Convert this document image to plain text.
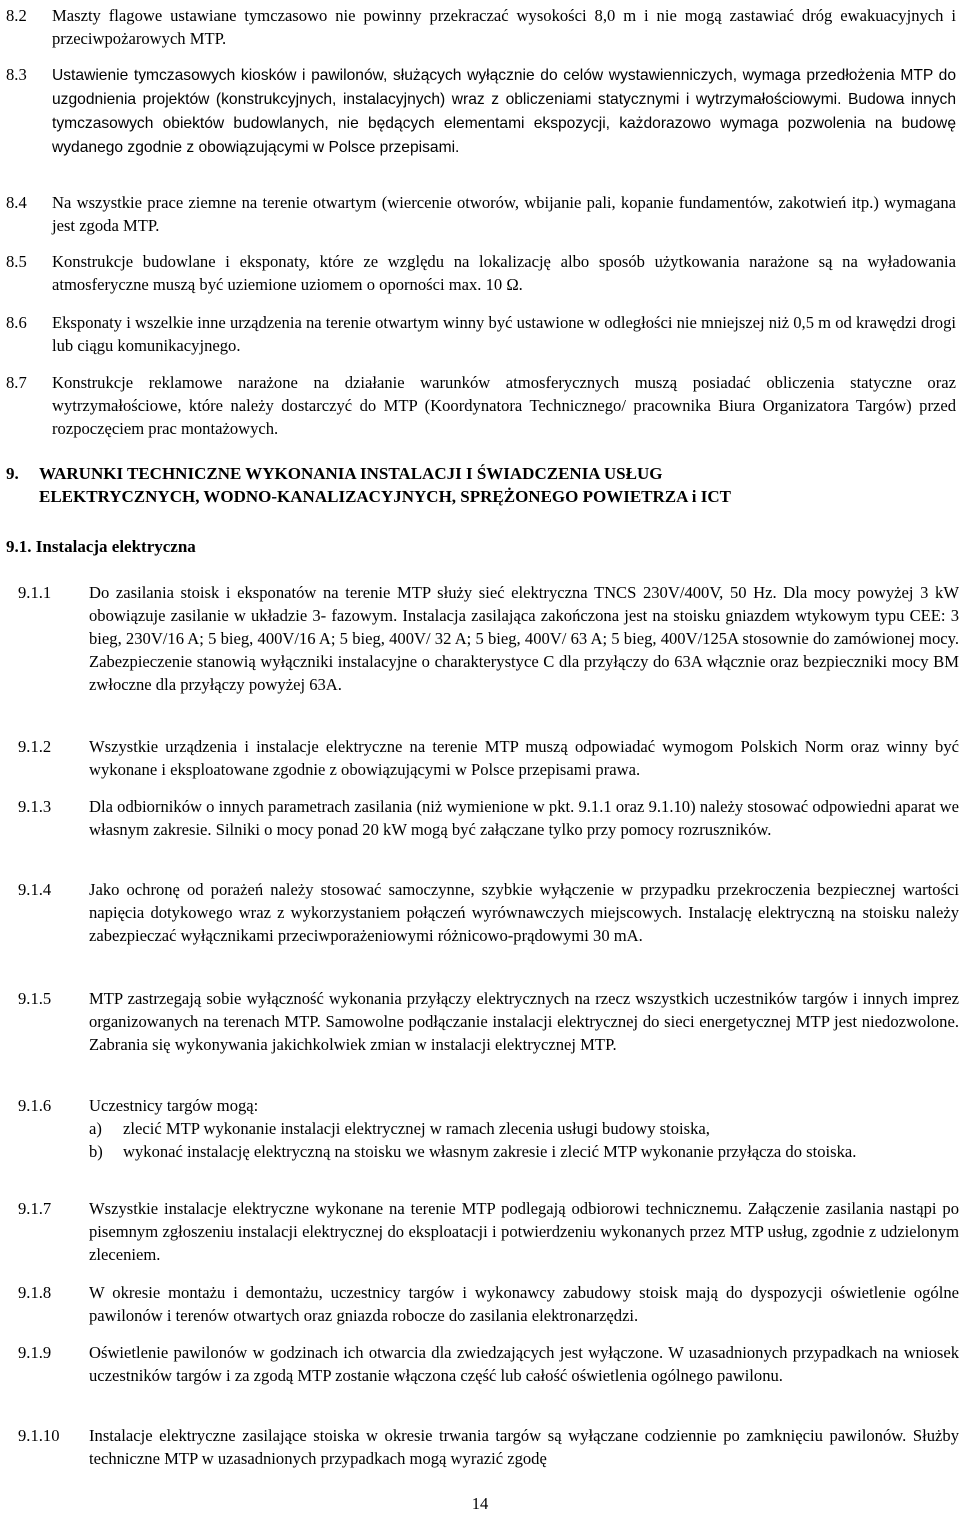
8.2 Maszty flagowe ustawiane tymczasowo nie powinny przekraczać wysokości 8,0 m i nie mogą zastawiać dróg ewakuacyjnych i przeciwpożarowych MTP.
8.3 Ustawienie tymczasowych kiosków i pawilonów, służących wyłącznie do celów wystawienniczych, wymaga przedłożenia MTP do uzgodnienia projektów (konstrukcyjnych, instalacyjnych) wraz z obliczeniami statycznymi i wytrzymałościowymi. Budowa innych tymczasowych obiektów budowlanych, nie będących elementami ekspozycji, każdorazowo wymaga pozwolenia na budowę wydanego zgodnie z obowiązującymi w Polsce przepisami.
8.4 Na wszystkie prace ziemne na terenie otwartym (wiercenie otworów, wbijanie pali, kopanie fundamentów, zakotwień itp.) wymagana jest zgoda MTP.
8.5 Konstrukcje budowlane i eksponaty, które ze względu na lokalizację albo sposób użytkowania narażone są na wyładowania atmosferyczne muszą być uziemione uziomem o oporności max. 10 Ω.
8.6 Eksponaty i wszelkie inne urządzenia na terenie otwartym winny być ustawione w odległości nie mniejszej niż 0,5 m od krawędzi drogi lub ciągu komunikacyjnego.
8.7 Konstrukcje reklamowe narażone na działanie warunków atmosferycznych muszą posiadać obliczenia statyczne oraz wytrzymałościowe, które należy dostarczyć do MTP (Koordynatora Technicznego/ pracownika Biura Organizatora Targów) przed rozpoczęciem prac montażowych.
9. WARUNKI TECHNICZNE WYKONANIA INSTALACJI I ŚWIADCZENIA USŁUG
ELEKTRYCZNYCH, WODNO-KANALIZACYJNYCH, SPRĘŻONEGO POWIETRZA i ICT
9.1. Instalacja elektryczna
9.1.1 Do zasilania stoisk i eksponatów na terenie MTP służy sieć elektryczna TNCS 230V/400V, 50 Hz. Dla mocy powyżej 3 kW obowiązuje zasilanie w układzie 3- fazowym. Instalacja zasilająca zakończona jest na stoisku gniazdem wtykowym typu CEE: 3 bieg, 230V/16 A; 5 bieg, 400V/16 A; 5 bieg, 400V/ 32 A; 5 bieg, 400V/ 63 A; 5 bieg, 400V/125A stosownie do zamówionej mocy. Zabezpieczenie stanowią wyłączniki instalacyjne o charakterystyce C dla przyłączy do 63A włącznie oraz bezpieczniki mocy BM zwłoczne dla przyłączy powyżej 63A.
9.1.2 Wszystkie urządzenia i instalacje elektryczne na terenie MTP muszą odpowiadać wymogom Polskich Norm oraz winny być wykonane i eksploatowane zgodnie z obowiązującymi w Polsce przepisami prawa.
9.1.3 Dla odbiorników o innych parametrach zasilania (niż wymienione w pkt. 9.1.1 oraz 9.1.10) należy stosować odpowiedni aparat we własnym zakresie. Silniki o mocy ponad 20 kW mogą być załączane tylko przy pomocy rozruszników.
9.1.4 Jako ochronę od porażeń należy stosować samoczynne, szybkie wyłączenie w przypadku przekroczenia bezpiecznej wartości napięcia dotykowego wraz z wykorzystaniem połączeń wyrównawczych miejscowych. Instalację elektryczną na stoisku należy zabezpieczać wyłącznikami przeciwporażeniowymi różnicowo-prądowymi 30 mA.
9.1.5 MTP zastrzegają sobie wyłączność wykonania przyłączy elektrycznych na rzecz wszystkich uczestników targów i innych imprez organizowanych na terenach MTP. Samowolne podłączanie instalacji elektrycznej do sieci energetycznej MTP jest niedozwolone. Zabrania się wykonywania jakichkolwiek zmian w instalacji elektrycznej MTP.
9.1.6 Uczestnicy targów mogą:
a) zlecić MTP wykonanie instalacji elektrycznej w ramach zlecenia usługi budowy stoiska,
b) wykonać instalację elektryczną na stoisku we własnym zakresie i zlecić MTP wykonanie przyłącza do stoiska.
9.1.7 Wszystkie instalacje elektryczne wykonane na terenie MTP podlegają odbiorowi technicznemu. Załączenie zasilania nastąpi po pisemnym zgłoszeniu instalacji elektrycznej do eksploatacji i potwierdzeniu wykonanych przez MTP usług, zgodnie z udzielonym zleceniem.
9.1.8 W okresie montażu i demontażu, uczestnicy targów i wykonawcy zabudowy stoisk mają do dyspozycji oświetlenie ogólne pawilonów i terenów otwartych oraz gniazda robocze do zasilania elektronarzędzi.
9.1.9 Oświetlenie pawilonów w godzinach ich otwarcia dla zwiedzających jest wyłączone. W uzasadnionych przypadkach na wniosek uczestników targów i za zgodą MTP zostanie włączona część lub całość oświetlenia ogólnego pawilonu.
9.1.10 Instalacje elektryczne zasilające stoiska w okresie trwania targów są wyłączane codziennie po zamknięciu pawilonów. Służby techniczne MTP w uzasadnionych przypadkach mogą wyrazić zgodę
14
